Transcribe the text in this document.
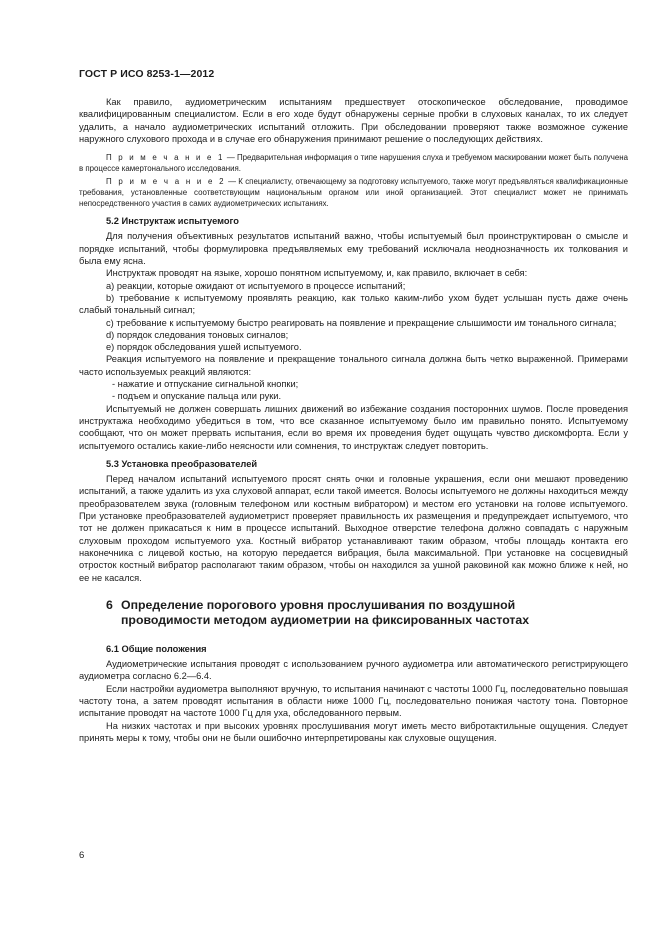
ГОСТ Р ИСО 8253-1—2012

Как правило, аудиометрическим испытаниям предшествует отоскопическое обследование, проводимое квалифицированным специалистом. Если в его ходе будут обнаружены серные пробки в слуховых каналах, то их следует удалить, а начало аудиометрических испытаний отложить. При обследовании проверяют также возможное сужение наружного слухового прохода и в случае его обнаружения принимают решение о последующих действиях.

П р и м е ч а н и е 1 — Предварительная информация о типе нарушения слуха и требуемом маскировании может быть получена в процессе камертонального исследования.

П р и м е ч а н и е 2 — К специалисту, отвечающему за подготовку испытуемого, также могут предъявляться квалификационные требования, установленные соответствующим национальным органом или иной организацией. Этот специалист может не принимать непосредственного участия в самих аудиометрических испытаниях.

5.2 Инструктаж испытуемого

Для получения объективных результатов испытаний важно, чтобы испытуемый был проинструктирован о смысле и порядке испытаний, чтобы формулировка предъявляемых ему требований исключала неоднозначность их толкования и была ему ясна.

Инструктаж проводят на языке, хорошо понятном испытуемому, и, как правило, включает в себя:

а) реакции, которые ожидают от испытуемого в процессе испытаний;

b) требование к испытуемому проявлять реакцию, как только каким-либо ухом будет услышан пусть даже очень слабый тональный сигнал;

c) требование к испытуемому быстро реагировать на появление и прекращение слышимости им тонального сигнала;

d) порядок следования тоновых сигналов;

e) порядок обследования ушей испытуемого.

Реакция испытуемого на появление и прекращение тонального сигнала должна быть четко выраженной. Примерами часто используемых реакций являются:

- нажатие и отпускание сигнальной кнопки;

- подъем и опускание пальца или руки.

Испытуемый не должен совершать лишних движений во избежание создания посторонних шумов. После проведения инструктажа необходимо убедиться в том, что все сказанное испытуемому было им правильно понято. Испытуемому сообщают, что он может прервать испытания, если во время их проведения будет ощущать чувство дискомфорта. Если у испытуемого остались какие-либо неясности или сомнения, то инструктаж следует повторить.

5.3 Установка преобразователей

Перед началом испытаний испытуемого просят снять очки и головные украшения, если они мешают проведению испытаний, а также удалить из уха слуховой аппарат, если такой имеется. Волосы испытуемого не должны находиться между преобразователем звука (головным телефоном или костным вибратором) и местом его установки на голове испытуемого. При установке преобразователей аудиометрист проверяет правильность их размещения и предупреждает испытуемого, что тот не должен прикасаться к ним в процессе испытаний. Выходное отверстие телефона должно совпадать с наружным слуховым проходом испытуемого уха. Костный вибратор устанавливают таким образом, чтобы площадь контакта его наконечника с лицевой костью, на которую передается вибрация, была максимальной. При установке на сосцевидный отросток костный вибратор располагают таким образом, чтобы он находился за ушной раковиной как можно ближе к ней, но ее не касался.

6 Определение порогового уровня прослушивания по воздушной
проводимости методом аудиометрии на фиксированных частотах
6.1 Общие положения

Аудиометрические испытания проводят с использованием ручного аудиометра или автоматического регистрирующего аудиометра согласно 6.2—6.4.

Если настройки аудиометра выполняют вручную, то испытания начинают с частоты 1000 Гц, последовательно повышая частоту тона, а затем проводят испытания в области ниже 1000 Гц, последовательно понижая частоту тона. Повторное испытание проводят на частоте 1000 Гц для уха, обследованного первым.

На низких частотах и при высоких уровнях прослушивания могут иметь место вибротактильные ощущения. Следует принять меры к тому, чтобы они не были ошибочно интерпретированы как слуховые ощущения.

6
